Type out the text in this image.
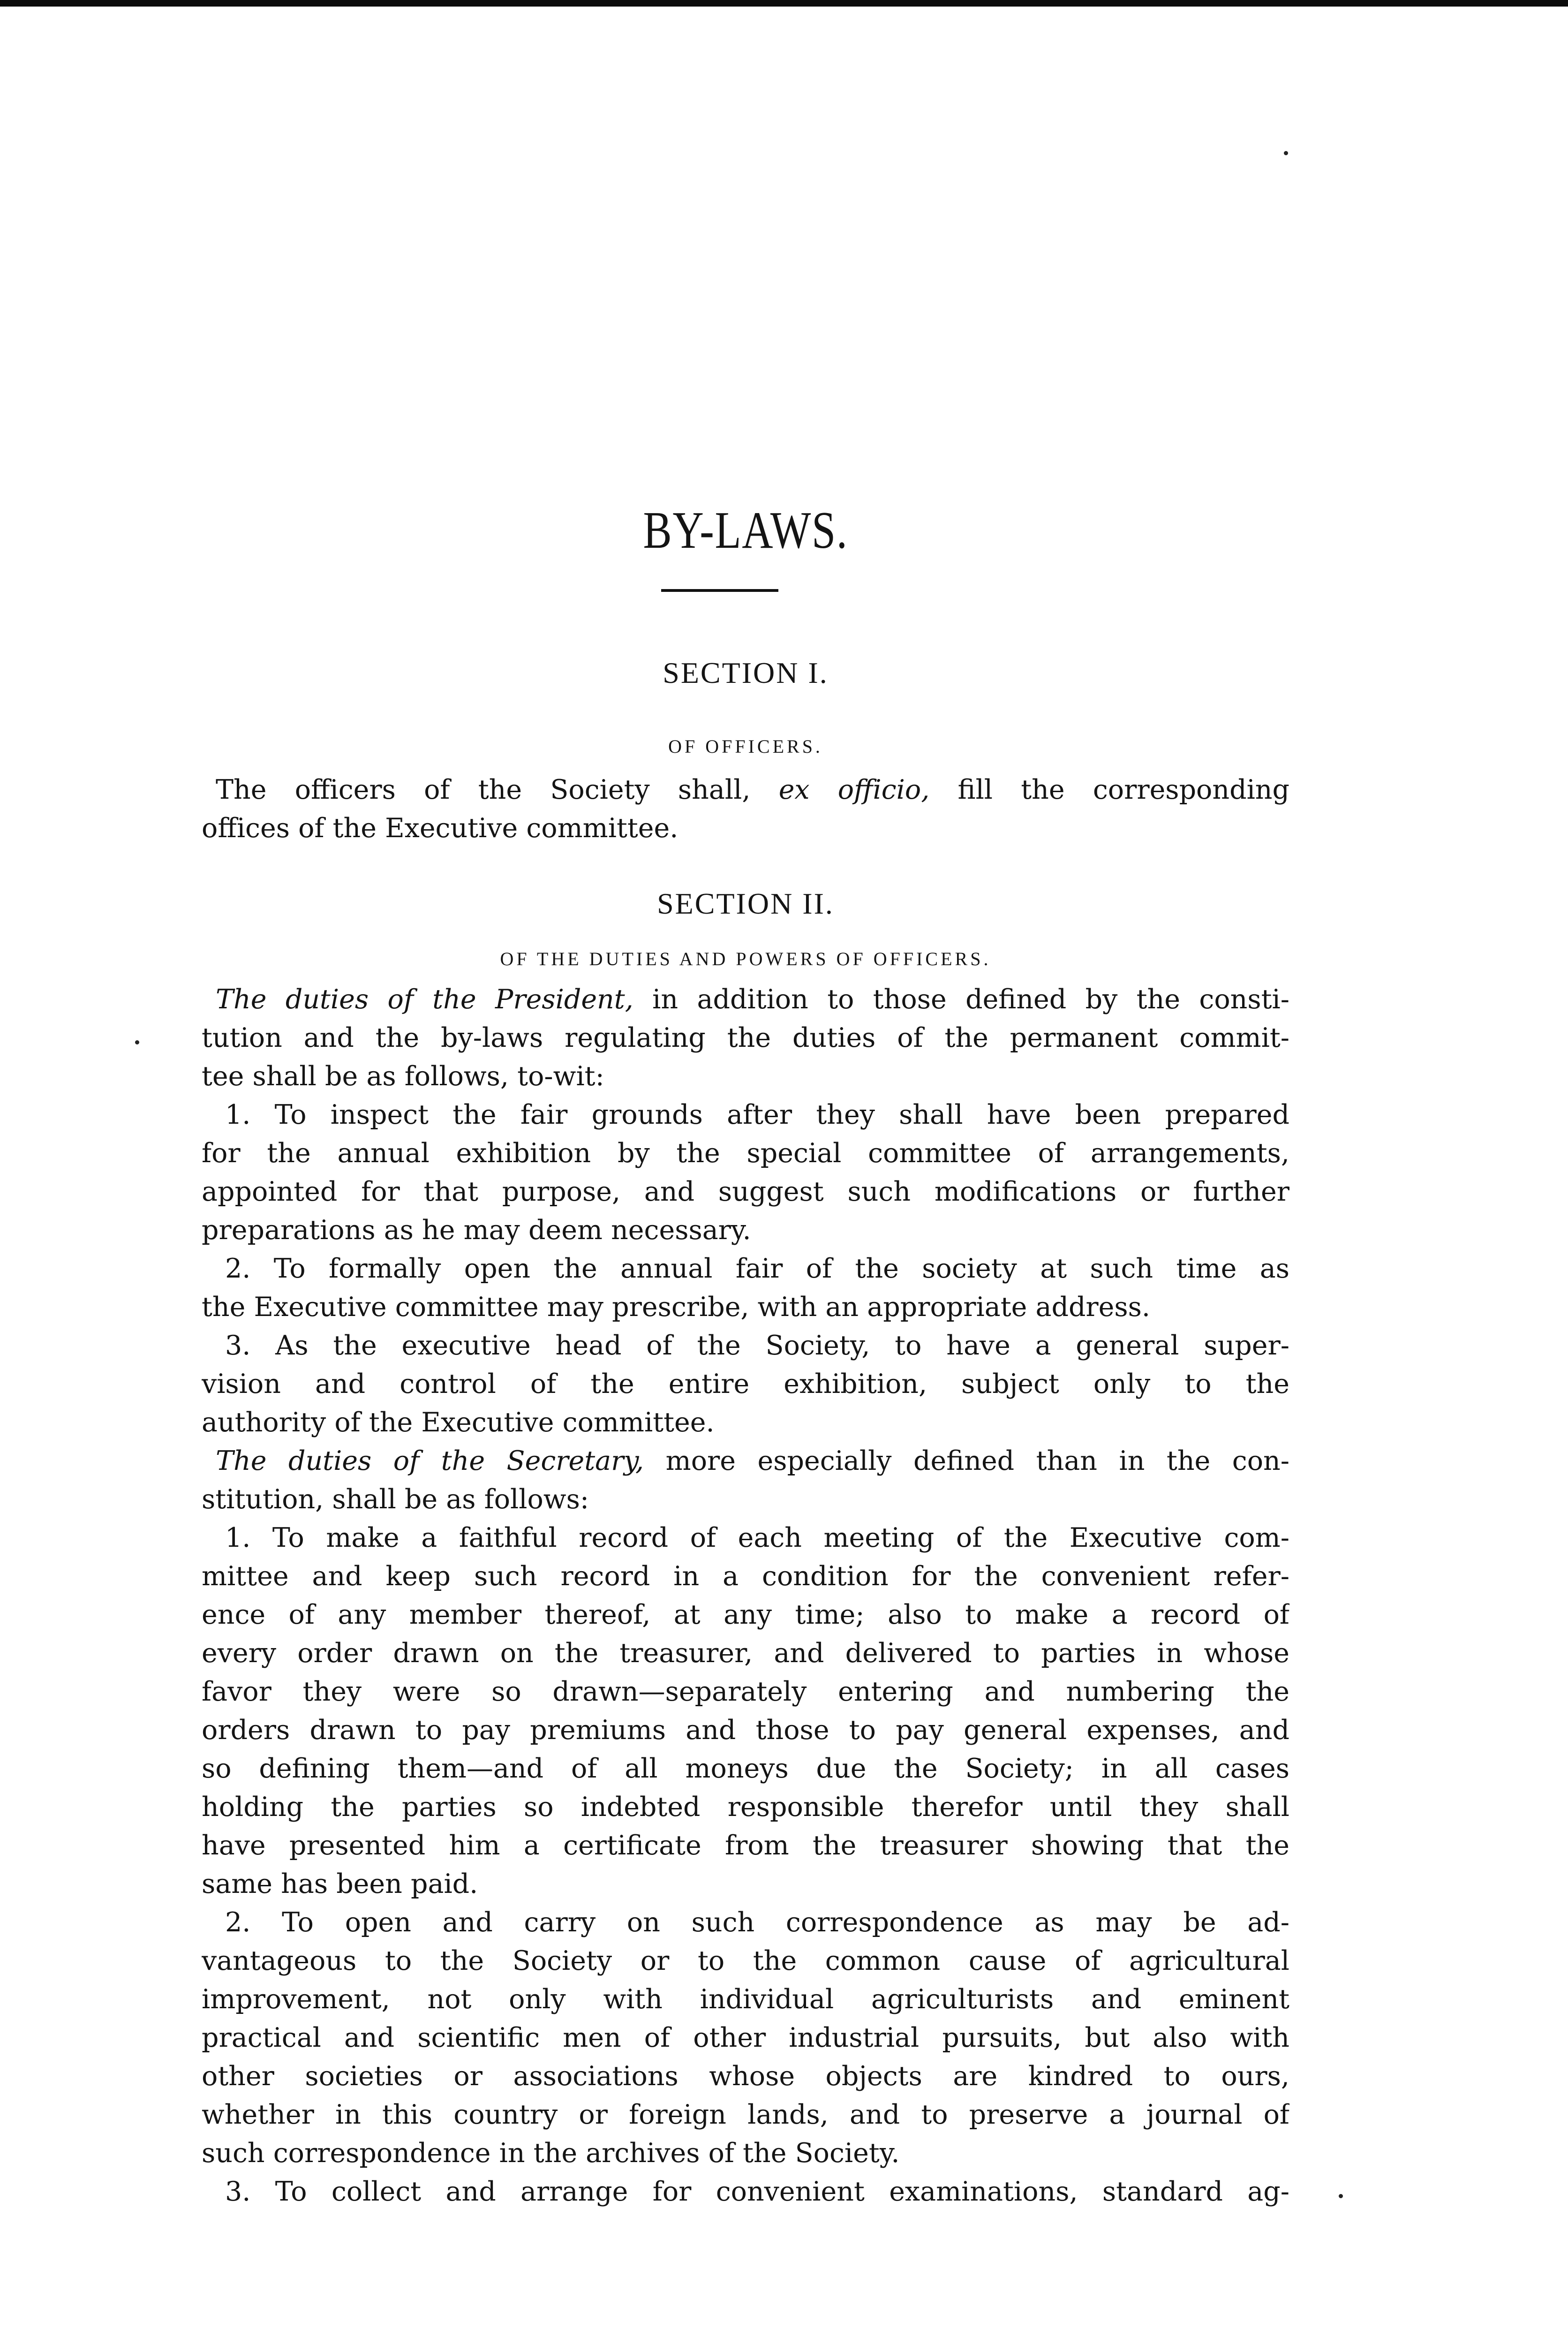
BY-LAWS.
SECTION I.
OF OFFICERS.
The officers of the Society shall, ex officio, fill the corresponding
offices of the Executive committee.
SECTION II.
OF THE DUTIES AND POWERS OF OFFICERS.
The duties of the President, in addition to those defined by the consti-
tution and the by-laws regulating the duties of the permanent commit-
tee shall be as follows, to-wit:
1. To inspect the fair grounds after they shall have been prepared
for the annual exhibition by the special committee of arrangements,
appointed for that purpose, and suggest such modifications or further
preparations as he may deem necessary.
2. To formally open the annual fair of the society at such time as
the Executive committee may prescribe, with an appropriate address.
3. As the executive head of the Society, to have a general super-
vision and control of the entire exhibition, subject only to the
authority of the Executive committee.
The duties of the Secretary, more especially defined than in the con-
stitution, shall be as follows:
1. To make a faithful record of each meeting of the Executive com-
mittee and keep such record in a condition for the convenient refer-
ence of any member thereof, at any time; also to make a record of
every order drawn on the treasurer, and delivered to parties in whose
favor they were so drawn—separately entering and numbering the
orders drawn to pay premiums and those to pay general expenses, and
so defining them—and of all moneys due the Society; in all cases
holding the parties so indebted responsible therefor until they shall
have presented him a certificate from the treasurer showing that the
same has been paid.
2. To open and carry on such correspondence as may be ad-
vantageous to the Society or to the common cause of agricultural
improvement, not only with individual agriculturists and eminent
practical and scientific men of other industrial pursuits, but also with
other societies or associations whose objects are kindred to ours,
whether in this country or foreign lands, and to preserve a journal of
such correspondence in the archives of the Society.
3. To collect and arrange for convenient examinations, standard ag-
